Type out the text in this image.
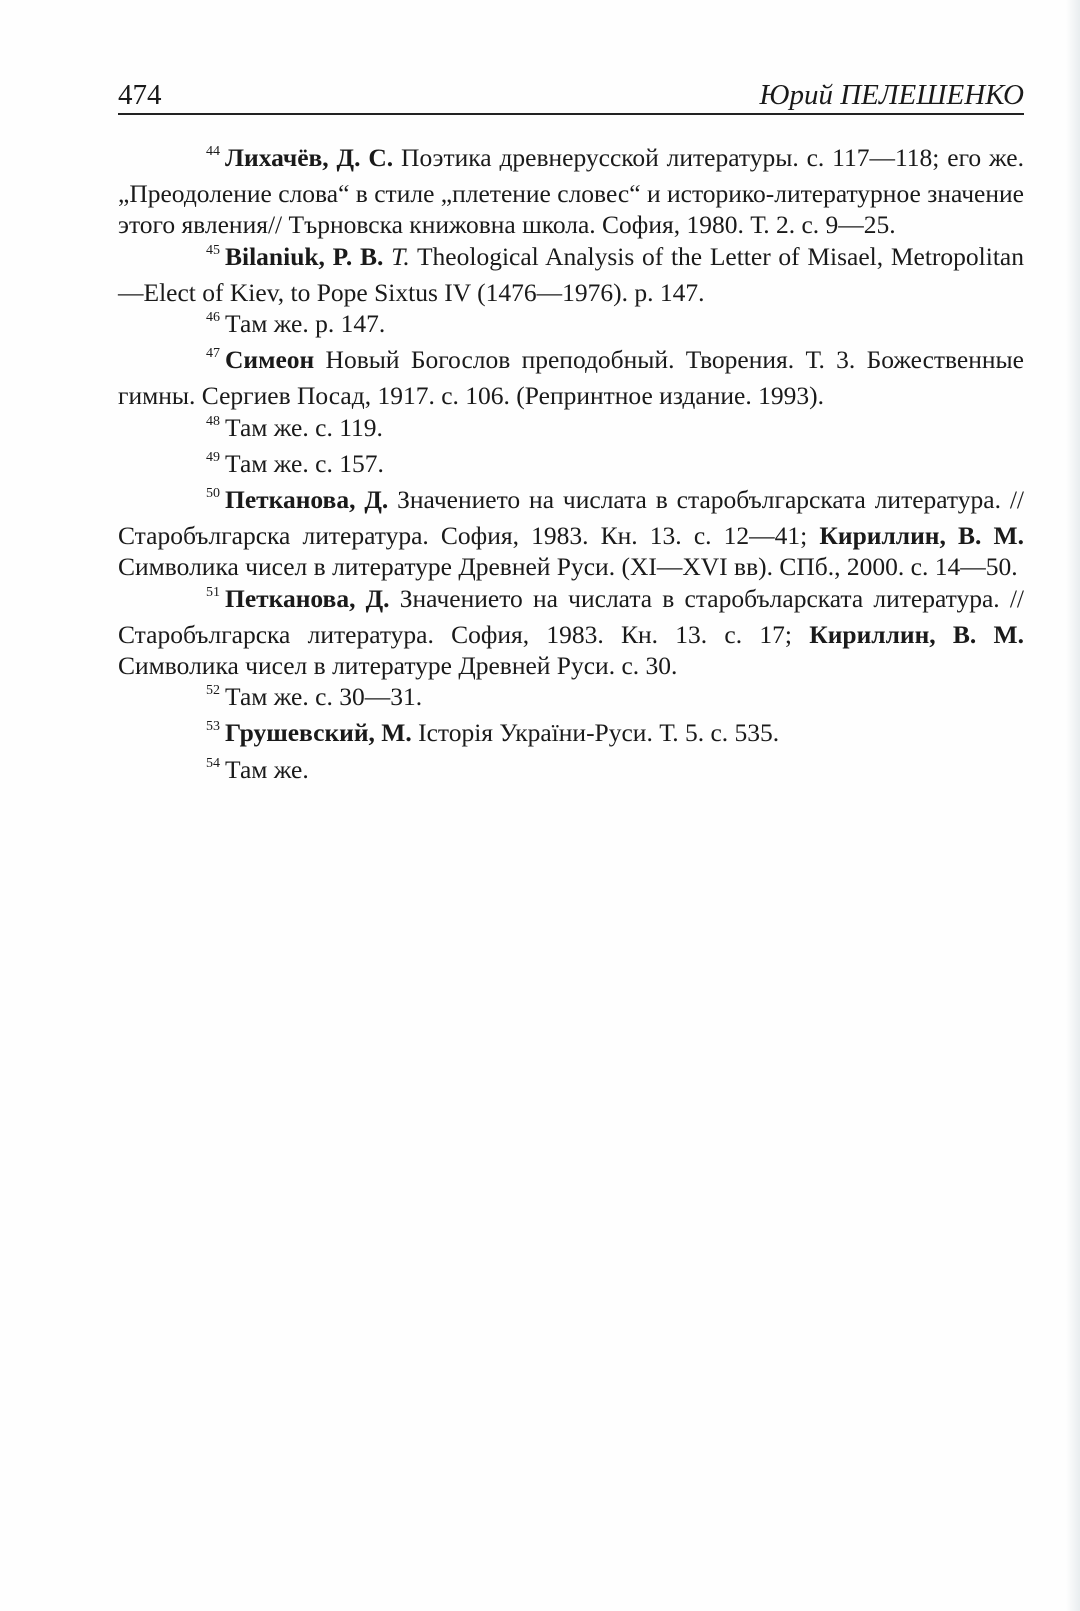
474	Юрий ПЕЛЕШЕНКО

$^{44}$ Лихачёв, Д. С. Поэтика древнерусской литературы. с. 117—118; его же. „Преодоление слова“ в стиле „плетение словес“ и историко-литературное значение этого явления// Търновска книжовна школа. София, 1980. Т. 2. с. 9—25.

$^{45}$ Bilaniuk, P. B. T. Theological Analysis of the Letter of Misael, Metropolitan—Elect of Kiev, to Pope Sixtus IV (1476—1976). p. 147.

$^{46}$ Там же. р. 147.

$^{47}$ Симеон Новый Богослов преподобный. Творения. Т. 3. Божественные гимны. Сергиев Посад, 1917. с. 106. (Репринтное издание. 1993).

$^{48}$ Там же. с. 119.

$^{49}$ Там же. с. 157.

$^{50}$ Петканова, Д. Значението на числата в старобългарската литература. // Старобългарска литература. София, 1983. Кн. 13. с. 12—41; Кириллин, В. М. Символика чисел в литературе Древней Руси. (XI—XVI вв). СПб., 2000. с. 14—50.

$^{51}$ Петканова, Д. Значението на числата в старобъларската литература. //Старобългарска литература. София, 1983. Кн. 13. с. 17; Кириллин, В. М. Символика чисел в литературе Древней Руси. с. 30.

$^{52}$ Там же. с. 30—31.

$^{53}$ Грушевский, М. Історія України-Руси. Т. 5. с. 535.

$^{54}$ Там же.
